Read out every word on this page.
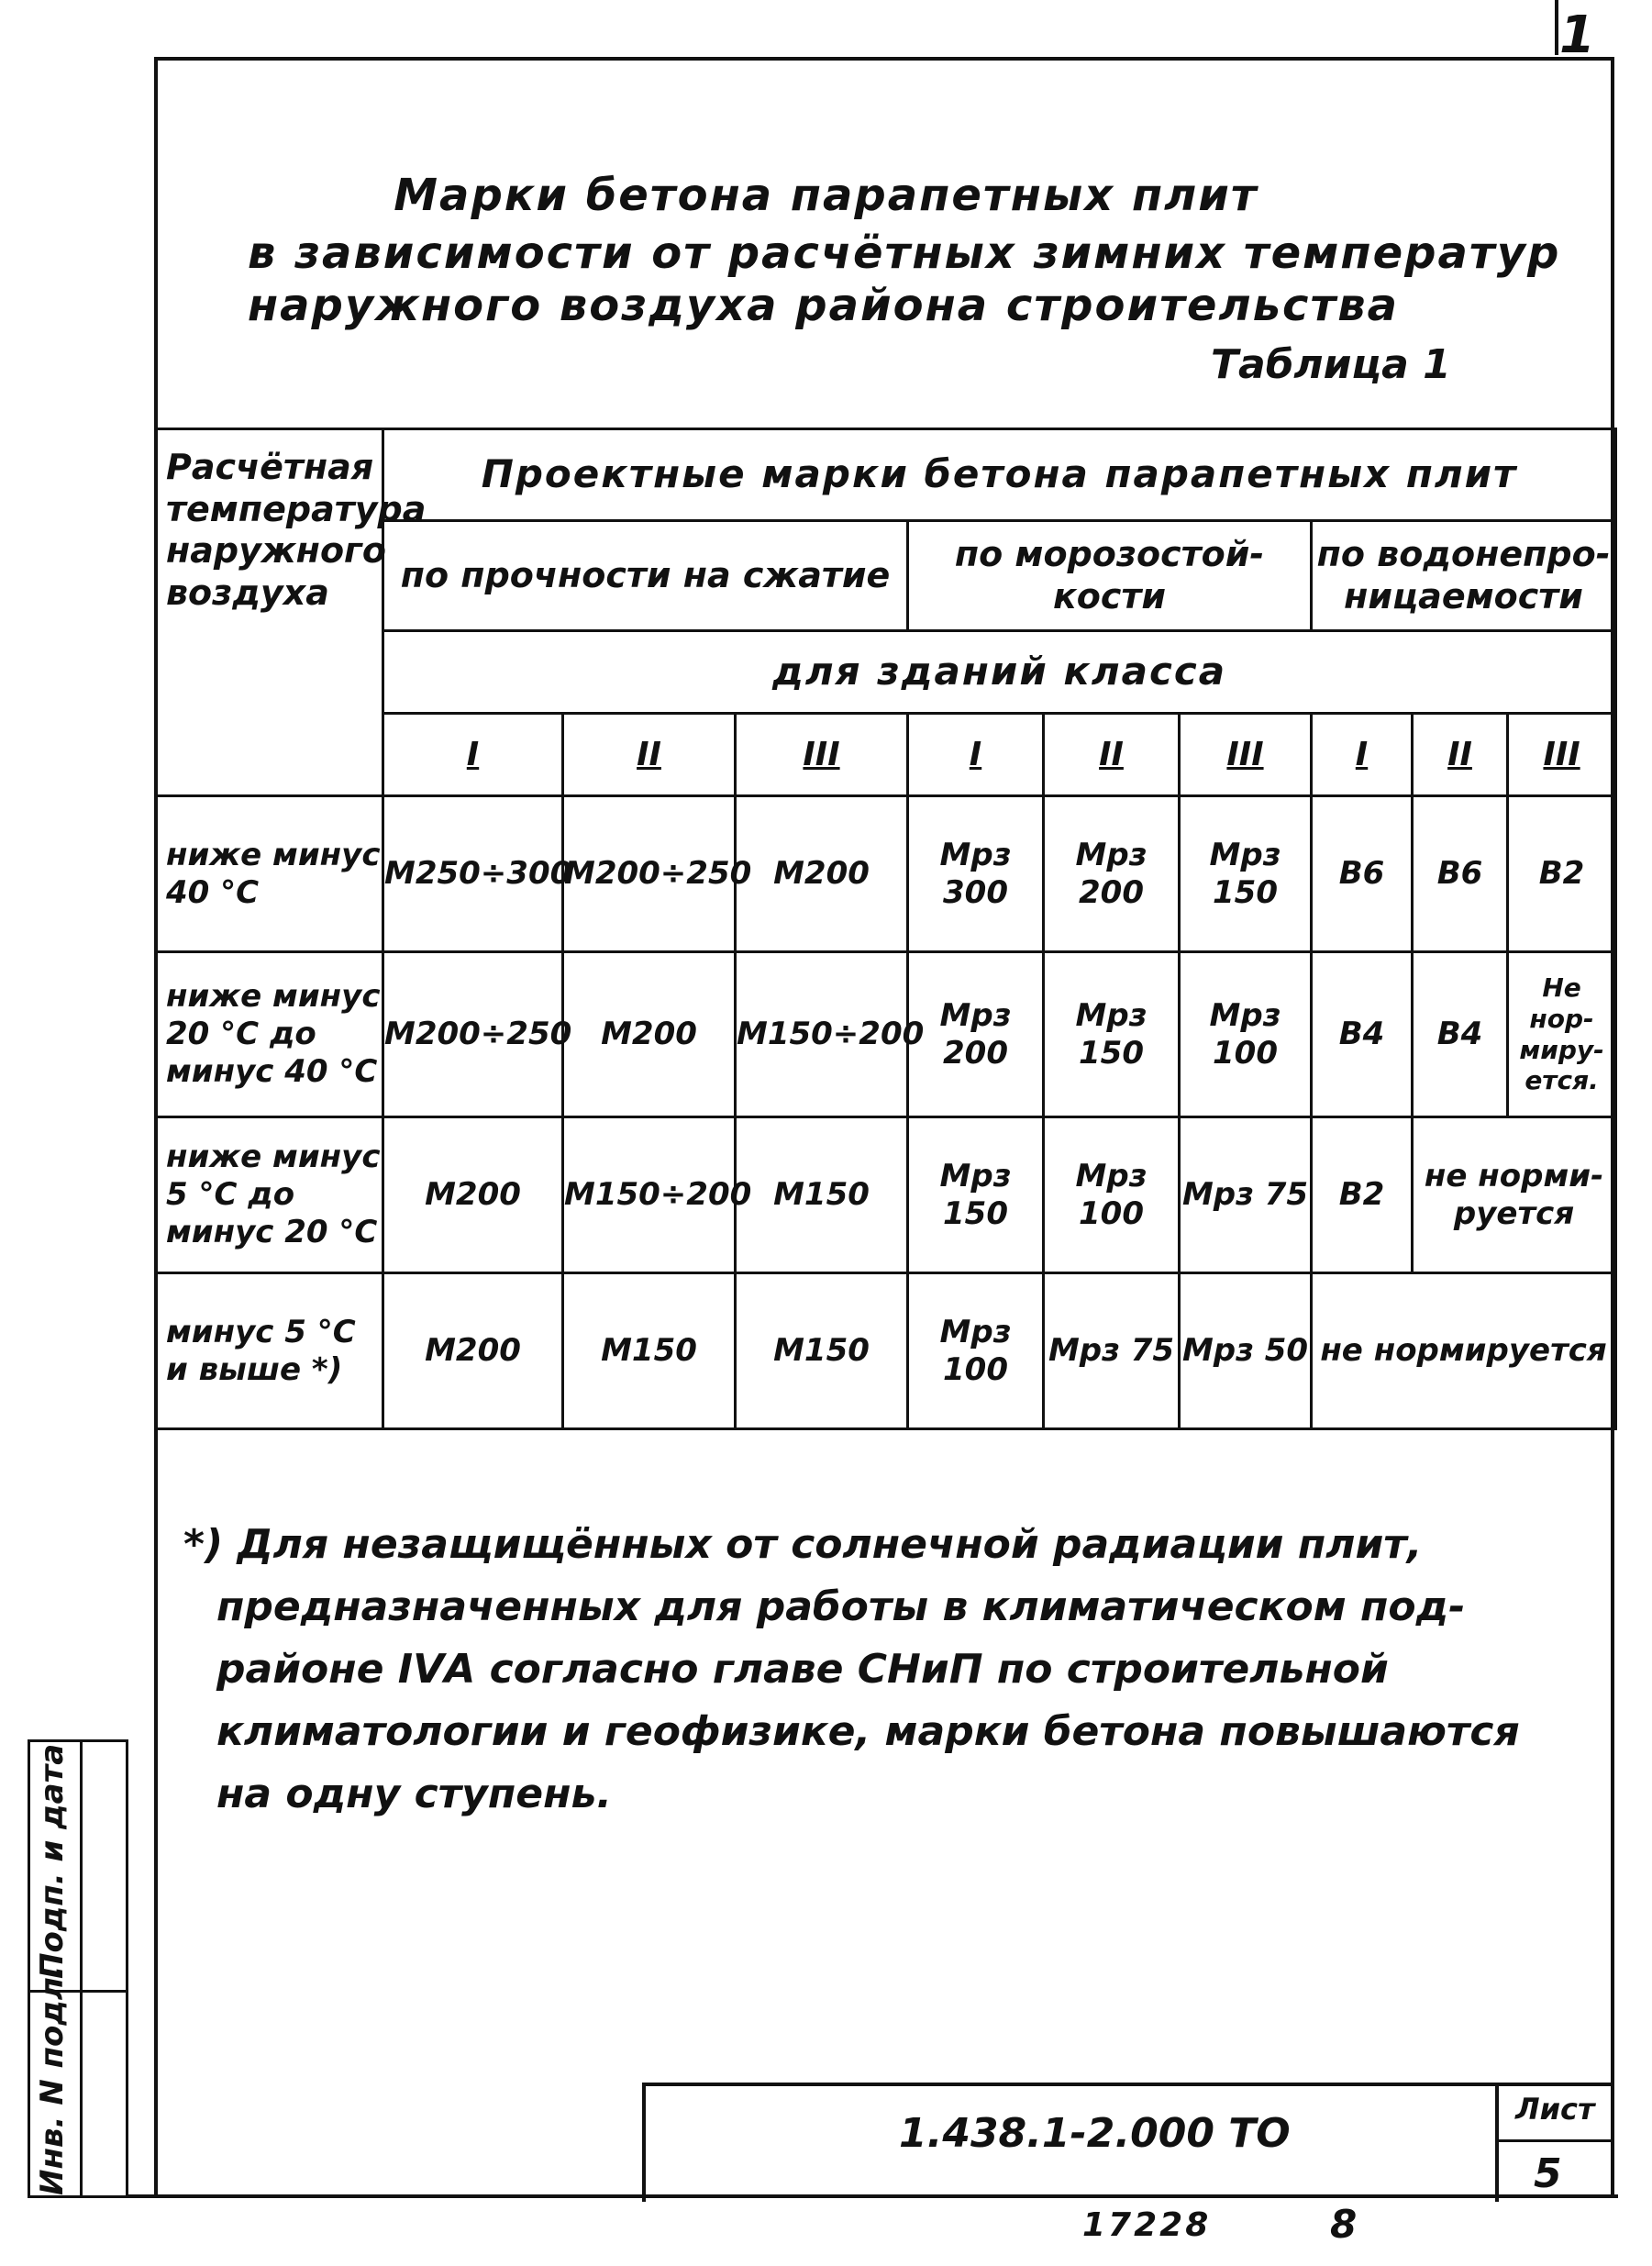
1
Марки бетона парапетных плит
в зависимости от расчётных зимних температур
наружного воздуха района строительства
Таблица 1
Расчётная температура наружного воздуха	Проектные марки бетона парапетных плит								
	по прочности на сжатие			по морозостой-кости			по водонепро-ницаемости		
	для зданий класса								
	I	II	III	I	II	III	I	II	III
ниже минус 40 °С	М250÷300	М200÷250	М200	Мрз 300	Мрз 200	Мрз 150	В6	В6	В2
ниже минус 20 °С до минус 40 °С	М200÷250	М200	М150÷200	Мрз 200	Мрз 150	Мрз 100	В4	В4	Не нор-миру-ется.
ниже минус 5 °С до минус 20 °С	М200	М150÷200	М150	Мрз 150	Мрз 100	Мрз 75	В2	не норми-руется	
минус 5 °С и выше *)	М200	М150	М150	Мрз 100	Мрз 75	Мрз 50	не нормируется		

*) Для незащищённых от солнечной радиации плит,

предназначенных для работы в климатическом под-

районе IVА согласно главе СНиП по строительной

климатологии и геофизике, марки бетона повышаются

на одну ступень.

Подп. и дата
Инв. N подл.	1.438.1-2.000 ТО
Лист
5
17228	8
